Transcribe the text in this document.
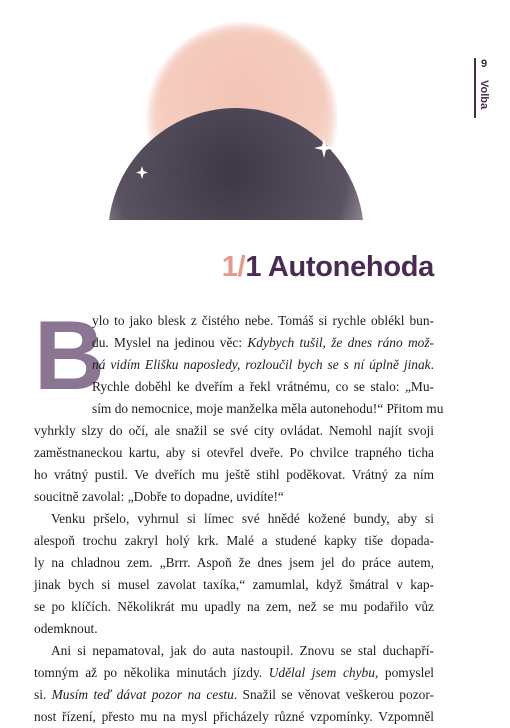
9
Volba
1/1 Autonehoda
B
ylo to jako blesk z čistého nebe. Tomáš si rychle oblékl bun-
du. Myslel na jedinou věc: Kdybych tušil, že dnes ráno mož-
ná vidím Elišku naposledy, rozloučil bych se s ní úplně jinak.
Rychle doběhl ke dveřím a řekl vrátnému, co se stalo: „Mu-
sím do nemocnice, moje manželka měla autonehodu!“ Přitom mu
vyhrkly slzy do očí, ale snažil se své city ovládat. Nemohl najít svoji
zaměstnaneckou kartu, aby si otevřel dveře. Po chvilce trapného ticha
ho vrátný pustil. Ve dveřích mu ještě stihl poděkovat. Vrátný za ním
soucitně zavolal: „Dobře to dopadne, uvidíte!“
Venku pršelo, vyhrnul si límec své hnědé kožené bundy, aby si
alespoň trochu zakryl holý krk. Malé a studené kapky tiše dopada-
ly na chladnou zem. „Brrr. Aspoň že dnes jsem jel do práce autem,
jinak bych si musel zavolat taxíka,“ zamumlal, když šmátral v kap-
se po klíčích. Několikrát mu upadly na zem, než se mu podařilo vůz
odemknout.
Ani si nepamatoval, jak do auta nastoupil. Znovu se stal duchapří-
tomným až po několika minutách jízdy. Udělal jsem chybu, pomyslel
si. Musím teď dávat pozor na cestu. Snažil se věnovat veškerou pozor-
nost řízení, přesto mu na mysl přicházely různé vzpomínky. Vzpomněl
